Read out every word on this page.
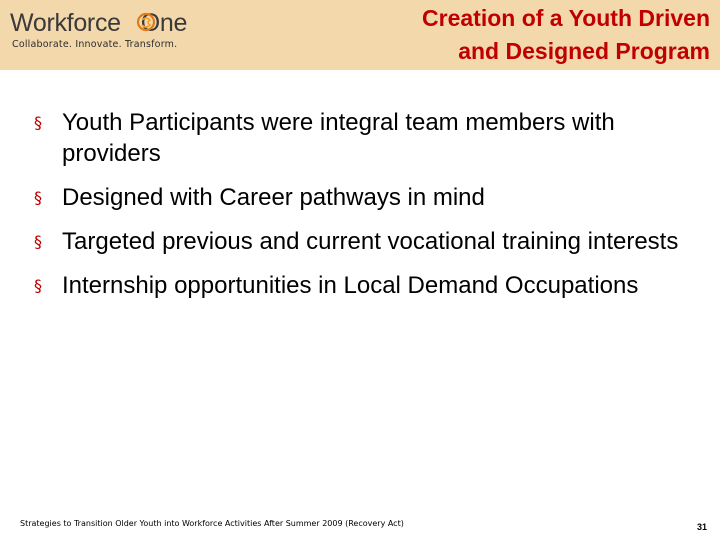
Workforce One
Collaborate. Innovate. Transform.
Creation of a Youth Driven
and Designed Program
§ Youth Participants were integral team members with providers
§ Designed with Career pathways in mind
§ Targeted previous and current vocational training interests
§ Internship opportunities in Local Demand Occupations
Strategies to Transition Older Youth into Workforce Activities After Summer 2009 (Recovery Act)	31
